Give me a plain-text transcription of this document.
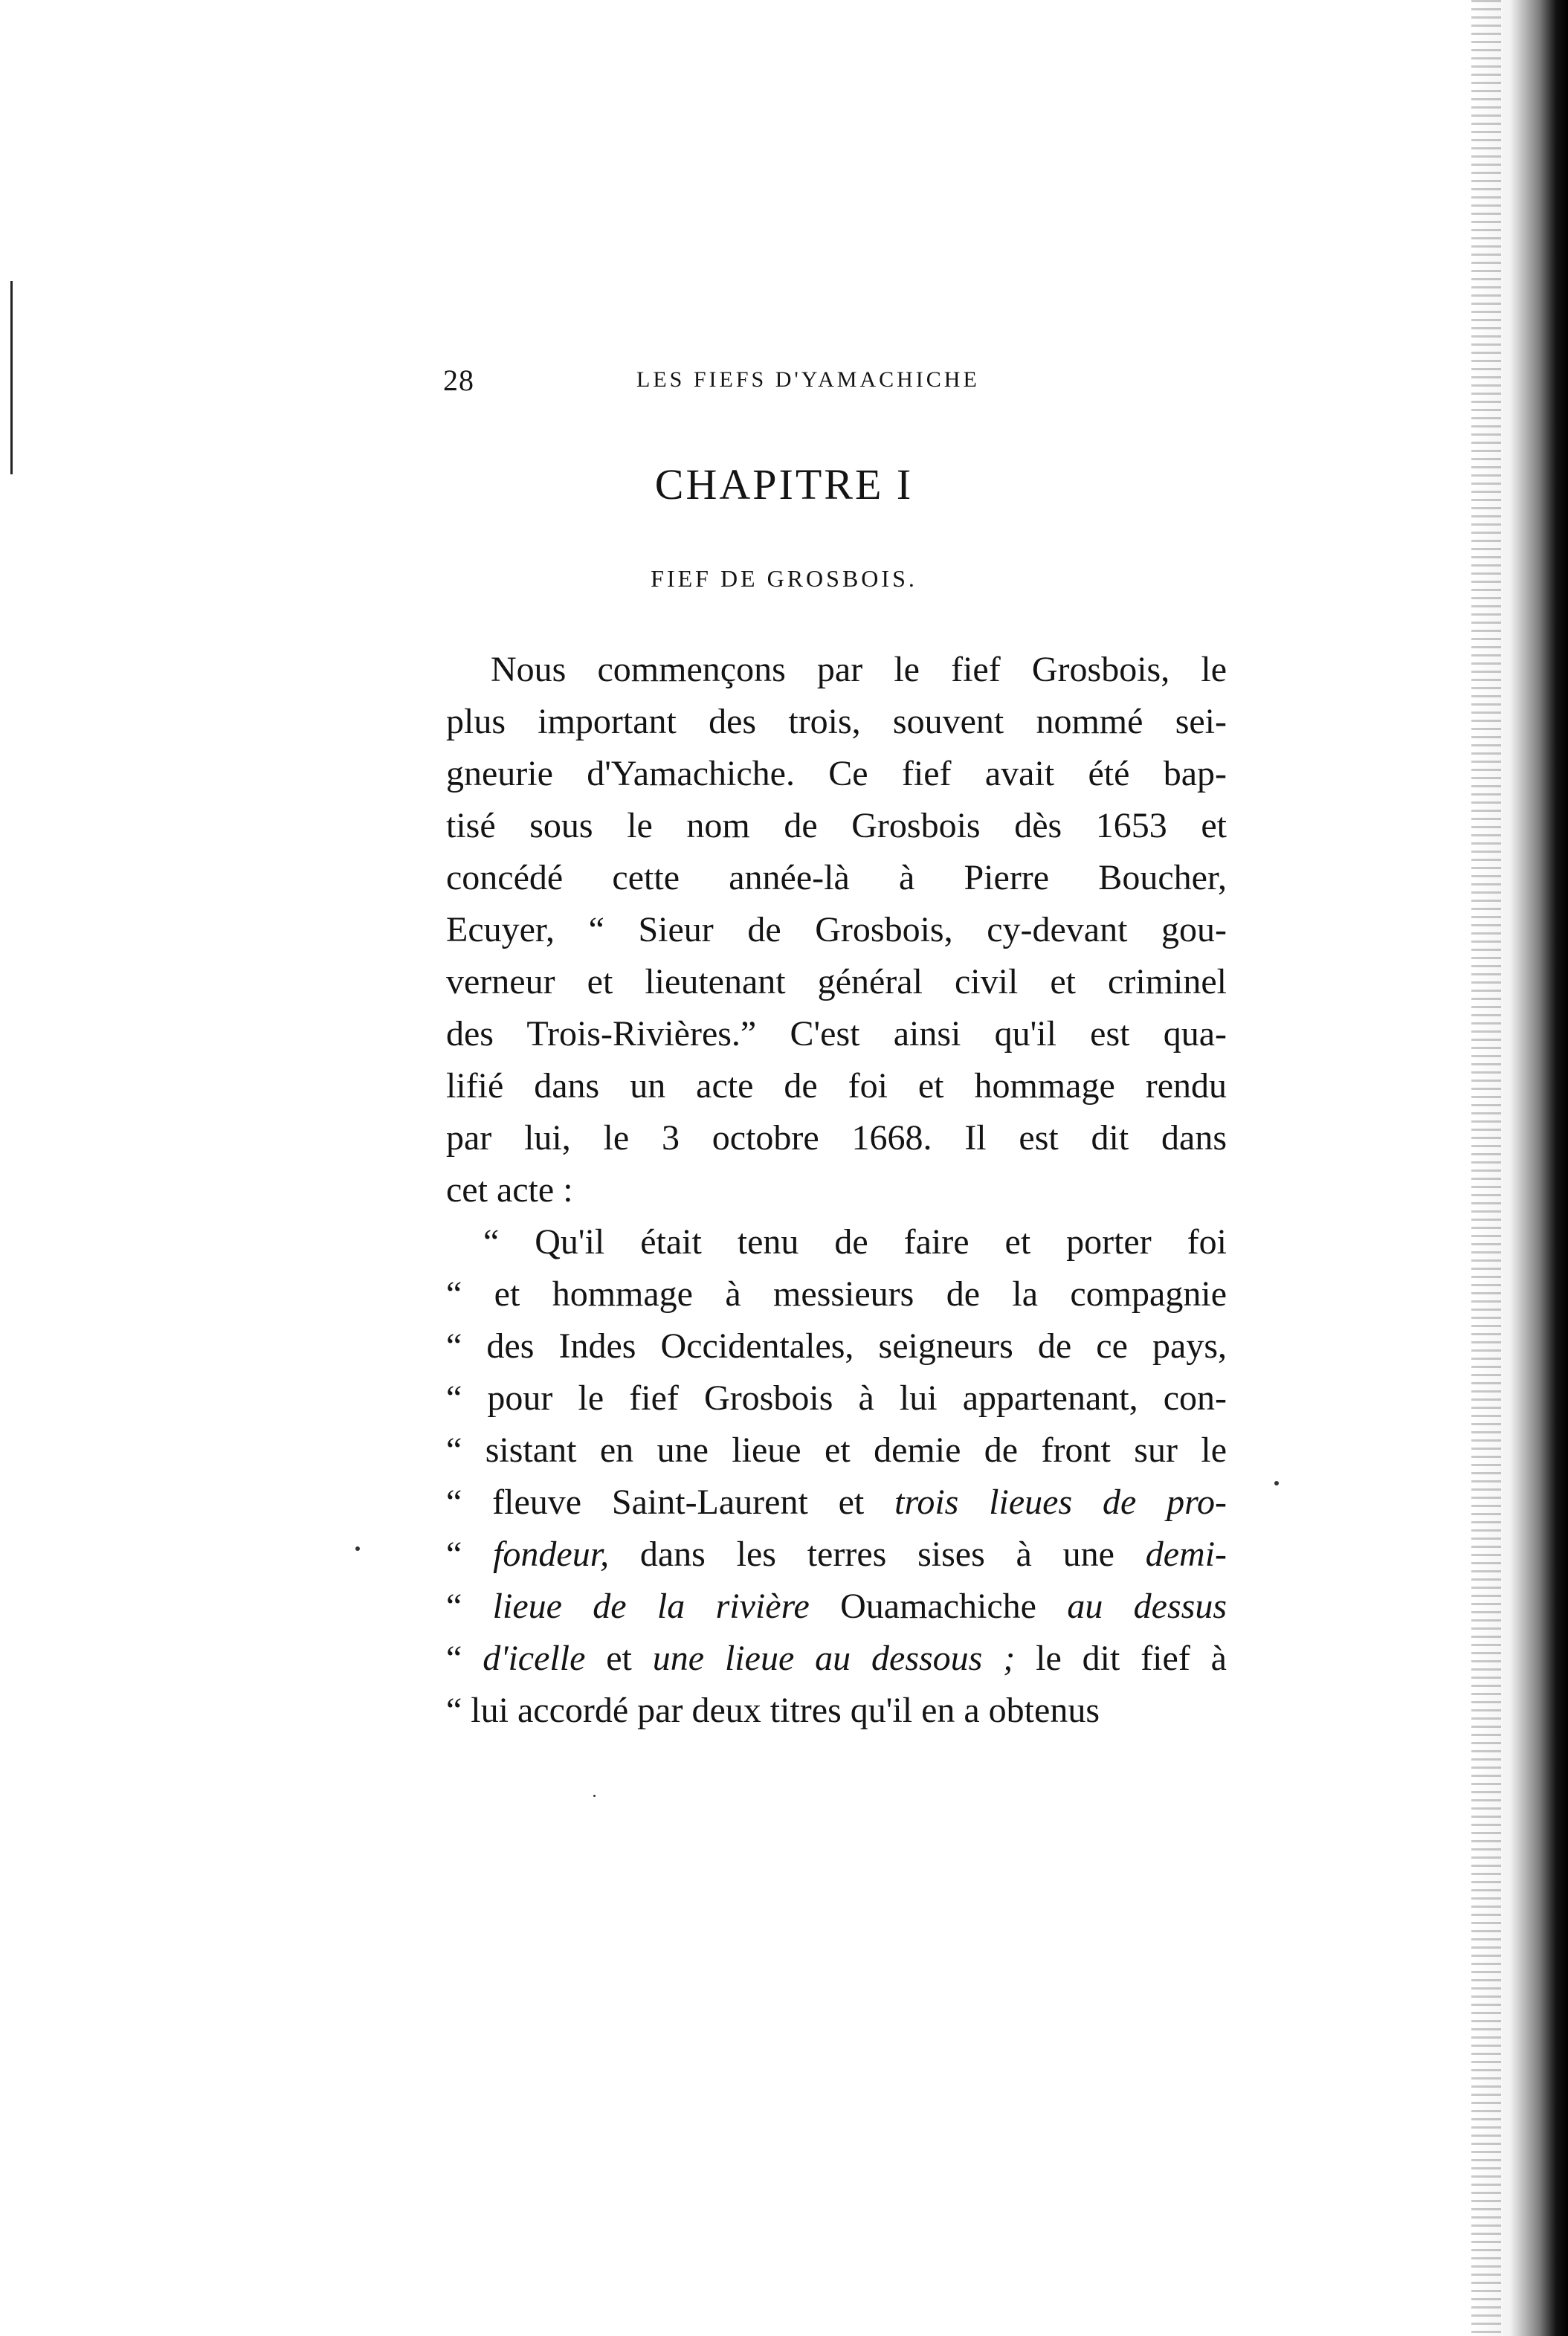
28	LES FIEFS D'YAMACHICHE
CHAPITRE I
FIEF DE GROSBOIS.
Nous commençons par le fief Grosbois, le
plus important des trois, souvent nommé sei-
gneurie d'Yamachiche. Ce fief avait été bap-
tisé sous le nom de Grosbois dès 1653 et
concédé cette année-là à Pierre Boucher,
Ecuyer, “ Sieur de Grosbois, cy-devant gou-
verneur et lieutenant général civil et criminel
des Trois-Rivières.” C'est ainsi qu'il est qua-
lifié dans un acte de foi et hommage rendu
par lui, le 3 octobre 1668. Il est dit dans
cet acte :
“ Qu'il était tenu de faire et porter foi
“ et hommage à messieurs de la compagnie
“ des Indes Occidentales, seigneurs de ce pays,
“ pour le fief Grosbois à lui appartenant, con-
“ sistant en une lieue et demie de front sur le
“ fleuve Saint-Laurent et trois lieues de pro-
“ fondeur, dans les terres sises à une demi-
“ lieue de la rivière Ouamachiche au dessus
“ d'icelle et une lieue au dessous ; le dit fief à
“ lui accordé par deux titres qu'il en a obtenus
